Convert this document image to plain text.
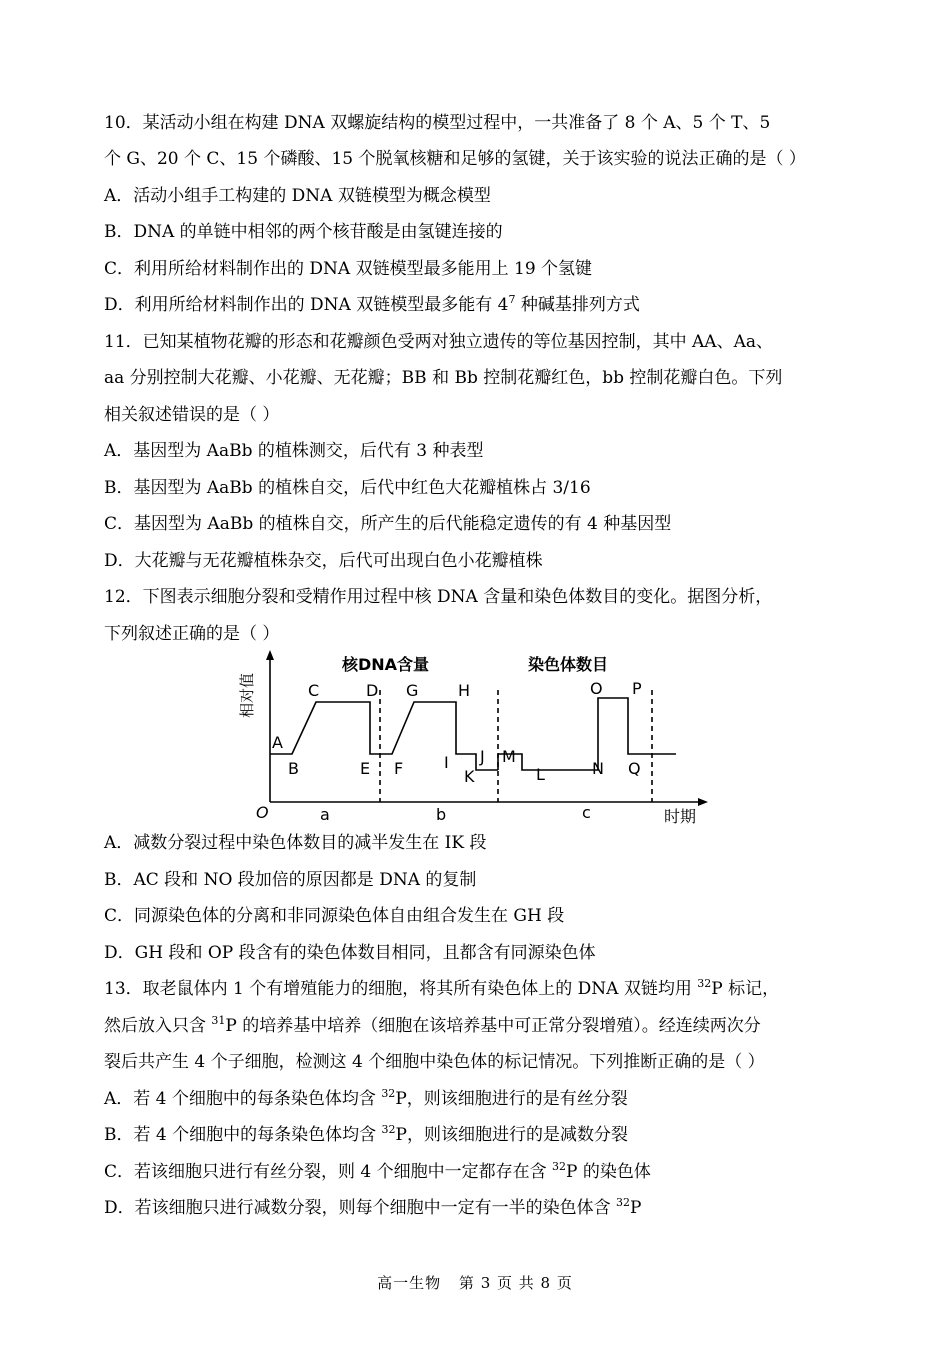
10．某活动小组在构建 DNA 双螺旋结构的模型过程中，一共准备了 8 个 A、5 个 T、5
个 G、20 个 C、15 个磷酸、15 个脱氧核糖和足够的氢键，关于该实验的说法正确的是（ ）
A．活动小组手工构建的 DNA 双链模型为概念模型
B．DNA 的单链中相邻的两个核苷酸是由氢键连接的
C．利用所给材料制作出的 DNA 双链模型最多能用上 19 个氢键
D．利用所给材料制作出的 DNA 双链模型最多能有 $4^7$ 种碱基排列方式
11．已知某植物花瓣的形态和花瓣颜色受两对独立遗传的等位基因控制，其中 AA、Aa、
aa 分别控制大花瓣、小花瓣、无花瓣；BB 和 Bb 控制花瓣红色，bb 控制花瓣白色。下列
相关叙述错误的是（ ）
A．基因型为 AaBb 的植株测交，后代有 3 种表型
B．基因型为 AaBb 的植株自交，后代中红色大花瓣植株占 3/16
C．基因型为 AaBb 的植株自交，所产生的后代能稳定遗传的有 4 种基因型
D．大花瓣与无花瓣植株杂交，后代可出现白色小花瓣植株
12．下图表示细胞分裂和受精作用过程中核 DNA 含量和染色体数目的变化。据图分析，
下列叙述正确的是（ ）
相对值
时期
O
核DNA含量	染色体数目
a	b	c
A
B
C	D
E F
G H
I J
K	L
M
N
O P
Q
A．减数分裂过程中染色体数目的减半发生在 IK 段
B．AC 段和 NO 段加倍的原因都是 DNA 的复制
C．同源染色体的分离和非同源染色体自由组合发生在 GH 段
D．GH 段和 OP 段含有的染色体数目相同，且都含有同源染色体
13．取老鼠体内 1 个有增殖能力的细胞，将其所有染色体上的 DNA 双链均用 $^{32}$P 标记，
然后放入只含 $^{31}$P 的培养基中培养（细胞在该培养基中可正常分裂增殖）。经连续两次分
裂后共产生 4 个子细胞，检测这 4 个细胞中染色体的标记情况。下列推断正确的是（ ）
A．若 4 个细胞中的每条染色体均含 $^{32}$P，则该细胞进行的是有丝分裂
B．若 4 个细胞中的每条染色体均含 $^{32}$P，则该细胞进行的是减数分裂
C．若该细胞只进行有丝分裂，则 4 个细胞中一定都存在含 $^{32}$P 的染色体
D．若该细胞只进行减数分裂，则每个细胞中一定有一半的染色体含 $^{32}$P
高一生物 第 3 页 共 8 页
